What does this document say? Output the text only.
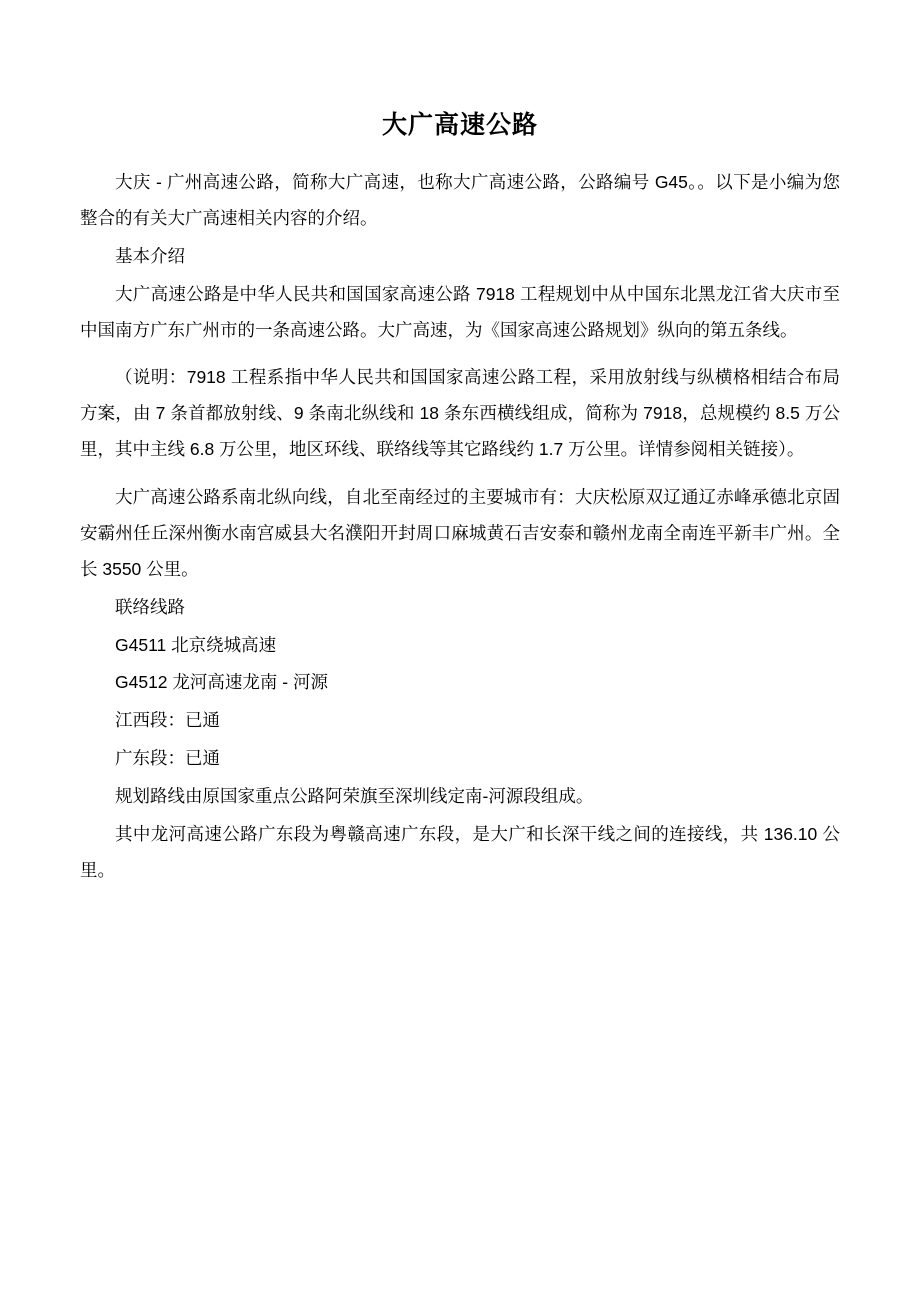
大广高速公路

大庆 - 广州高速公路，简称大广高速，也称大广高速公路，公路编号 G45。。以下是小编为您整合的有关大广高速相关内容的介绍。

基本介绍

大广高速公路是中华人民共和国国家高速公路 7918 工程规划中从中国东北黑龙江省大庆市至中国南方广东广州市的一条高速公路。大广高速，为《国家高速公路规划》纵向的第五条线。

（说明：7918 工程系指中华人民共和国国家高速公路工程，采用放射线与纵横格相结合布局方案，由 7 条首都放射线、9 条南北纵线和 18 条东西横线组成，简称为 7918，总规模约 8.5 万公里，其中主线 6.8 万公里，地区环线、联络线等其它路线约 1.7 万公里。详情参阅相关链接）。

大广高速公路系南北纵向线，自北至南经过的主要城市有：大庆松原双辽通辽赤峰承德北京固安霸州任丘深州衡水南宫威县大名濮阳开封周口麻城黄石吉安泰和赣州龙南全南连平新丰广州。全长 3550 公里。

联络线路

G4511 北京绕城高速

G4512 龙河高速龙南 - 河源

江西段：已通

广东段：已通

规划路线由原国家重点公路阿荣旗至深圳线定南-河源段组成。

其中龙河高速公路广东段为粤赣高速广东段，是大广和长深干线之间的连接线，共 136.10 公里。
